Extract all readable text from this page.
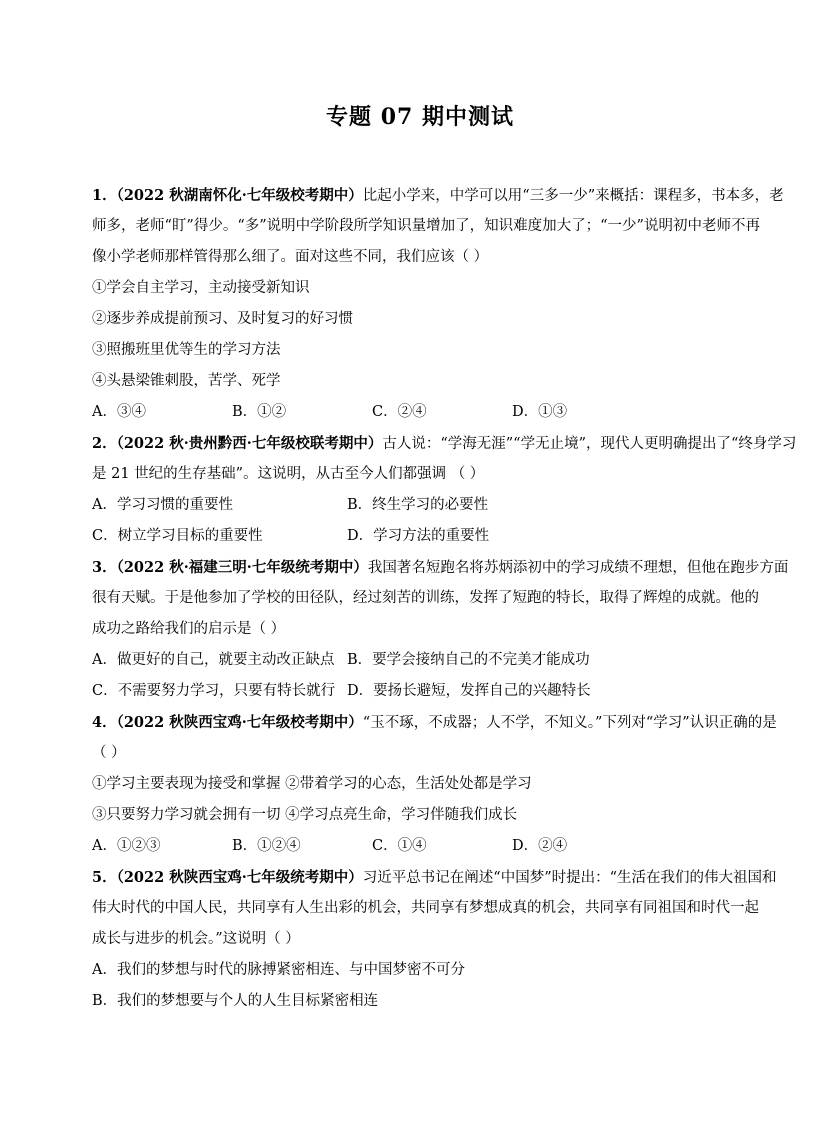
专题 07 期中测试
1．（2022 秋湖南怀化·七年级校考期中）比起小学来，中学可以用“三多一少”来概括：课程多，书本多，老
师多，老师“盯”得少。“多”说明中学阶段所学知识量增加了，知识难度加大了；“一少”说明初中老师不再
像小学老师那样管得那么细了。面对这些不同，我们应该（ ）
①学会自主学习，主动接受新知识
②逐步养成提前预习、及时复习的好习惯
③照搬班里优等生的学习方法
④头悬梁锥刺股，苦学、死学
A．③④	B．①②	C．②④	D．①③
2．（2022 秋·贵州黔西·七年级校联考期中）古人说：“学海无涯”“学无止境”，现代人更明确提出了“终身学习
是 21 世纪的生存基础”。这说明，从古至今人们都强调 （ ）
A．学习习惯的重要性	B．终生学习的必要性
C．树立学习目标的重要性	D．学习方法的重要性
3．（2022 秋·福建三明·七年级统考期中）我国著名短跑名将苏炳添初中的学习成绩不理想，但他在跑步方面
很有天赋。于是他参加了学校的田径队，经过刻苦的训练，发挥了短跑的特长，取得了辉煌的成就。他的
成功之路给我们的启示是（ ）
A．做更好的自己，就要主动改正缺点 B．要学会接纳自己的不完美才能成功
C．不需要努力学习，只要有特长就行 D．要扬长避短，发挥自己的兴趣特长
4．（2022 秋陕西宝鸡·七年级校考期中）“玉不琢，不成器；人不学，不知义。”下列对“学习”认识正确的是
（ ）
①学习主要表现为接受和掌握 ②带着学习的心态，生活处处都是学习
③只要努力学习就会拥有一切 ④学习点亮生命，学习伴随我们成长
A．①②③	B．①②④	C．①④	D．②④
5．（2022 秋陕西宝鸡·七年级统考期中）习近平总书记在阐述“中国梦”时提出：“生活在我们的伟大祖国和
伟大时代的中国人民，共同享有人生出彩的机会，共同享有梦想成真的机会，共同享有同祖国和时代一起
成长与进步的机会。”这说明（ ）
A．我们的梦想与时代的脉搏紧密相连、与中国梦密不可分
B．我们的梦想要与个人的人生目标紧密相连
